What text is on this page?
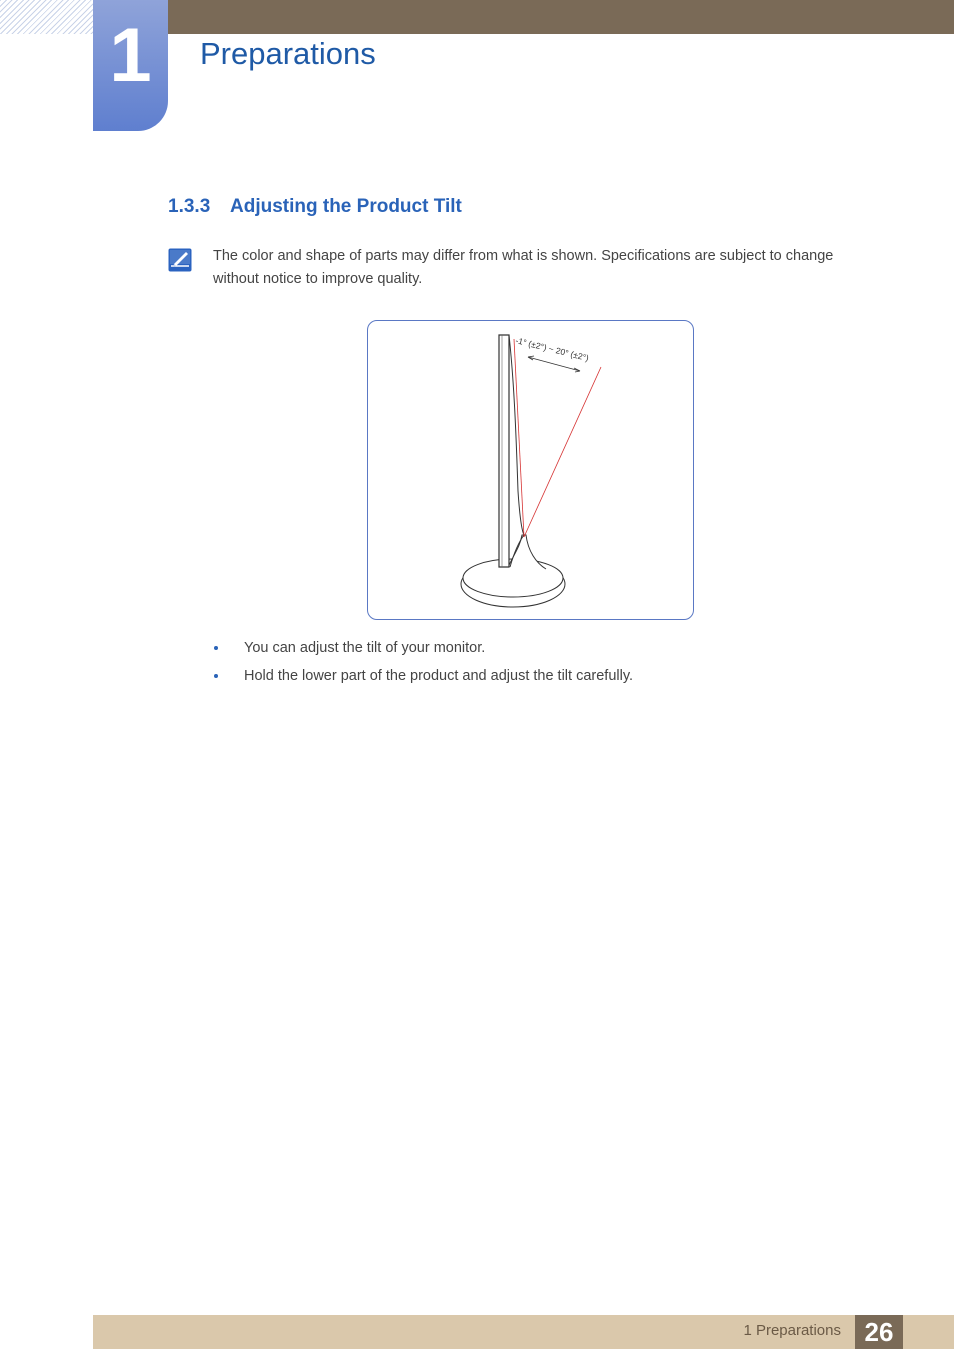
1	Preparations
1.3.3 Adjusting the Product Tilt
The color and shape of parts may differ from what is shown. Specifications are subject to change without notice to improve quality.
-1° (±2°) ~ 20° (±2°)
You can adjust the tilt of your monitor.
Hold the lower part of the product and adjust the tilt carefully.
1 Preparations 26
